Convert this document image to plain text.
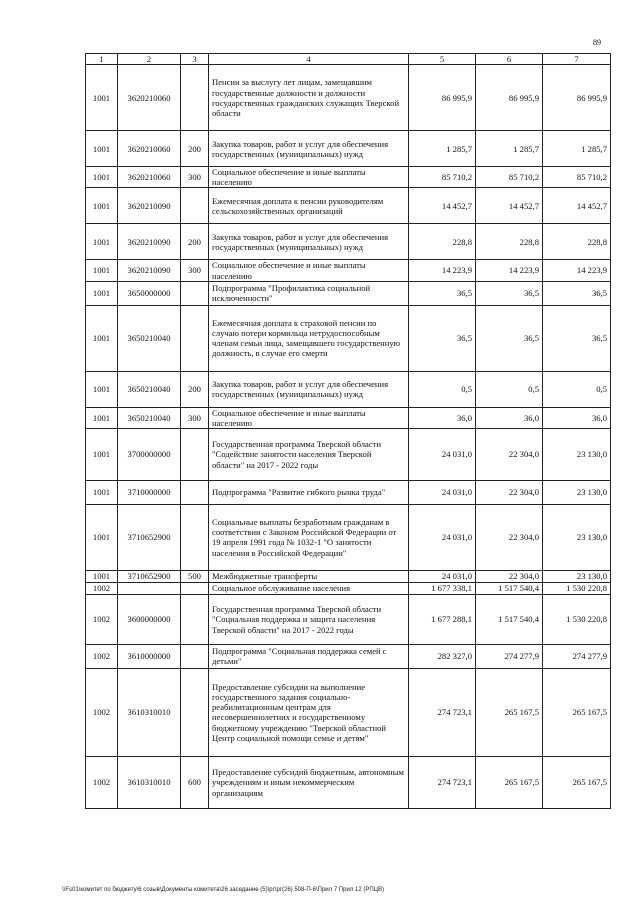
89
1	2	3	4	5	6	7
1001	3620210060		Пенсии за выслугу лет лицам, замещавшим государственные должности и должности государственных гражданских служащих Тверской области	86 995,9	86 995,9	86 995,9
1001	3620210060	200	Закупка товаров, работ и услуг для обеспечения государственных (муниципальных) нужд	1 285,7	1 285,7	1 285,7
1001	3620210060	300	Социальное обеспечение и иные выплаты населению	85 710,2	85 710,2	85 710,2
1001	3620210090		Ежемесячная доплата к пенсии руководителям сельскохозяйственных организаций	14 452,7	14 452,7	14 452,7
1001	3620210090	200	Закупка товаров, работ и услуг для обеспечения государственных (муниципальных) нужд	228,8	228,8	228,8
1001	3620210090	300	Социальное обеспечение и иные выплаты населению	14 223,9	14 223,9	14 223,9
1001	3650000000		Подпрограмма "Профилактика социальной исключенности"	36,5	36,5	36,5
1001	3650210040		Ежемесячная доплата к страховой пенсии по случаю потери кормильца нетрудоспособным членам семьи лица, замещавшего государственную должность, в случае его смерти	36,5	36,5	36,5
1001	3650210040	200	Закупка товаров, работ и услуг для обеспечения государственных (муниципальных) нужд	0,5	0,5	0,5
1001	3650210040	300	Социальное обеспечение и иные выплаты населению	36,0	36,0	36,0
1001	3700000000		Государственная программа Тверской области "Содействие занятости населения Тверской области" на 2017 - 2022 годы	24 031,0	22 304,0	23 130,0
1001	3710000000		Подпрограмма "Развитие гибкого рынка труда"	24 031,0	22 304,0	23 130,0
1001	3710652900		Социальные выплаты безработным гражданам в соответствии с Законом Российской Федерации от 19 апреля 1991 года № 1032-1 "О занятости населения в Российской Федерации"	24 031,0	22 304,0	23 130,0
1001	3710652900	500	Межбюджетные трансферты	24 031,0	22 304,0	23 130,0
1002			Социальное обслуживание населения	1 677 338,1	1 517 540,4	1 530 220,8
1002	3600000000		Государственная программа Тверской области "Социальная поддержка и защита населения Тверской области" на 2017 - 2022 годы	1 677 288,1	1 517 540,4	1 530 220,8
1002	3610000000		Подпрограмма "Социальная поддержка семей с детьми"	282 327,0	274 277,9	274 277,9
1002	3610310010		Предоставление субсидии на выполнение государственного задания социально-реабилитационным центрам для несовершеннолетних и государственному бюджетному учреждению "Тверской областной Центр социальной помощи семье и детям"	274 723,1	265 167,5	265 167,5
1002	3610310010	600	Предоставление субсидий бюджетным, автономным учреждениям и иным некоммерческим организациям	274 723,1	265 167,5	265 167,5
\\Fs01\комитет по бюджету\6 созыв\Документы комитета\26 заседание (5)\рг\рг(26) 508-П-6\Прил 7 Прил 12 (РПЦВ)
